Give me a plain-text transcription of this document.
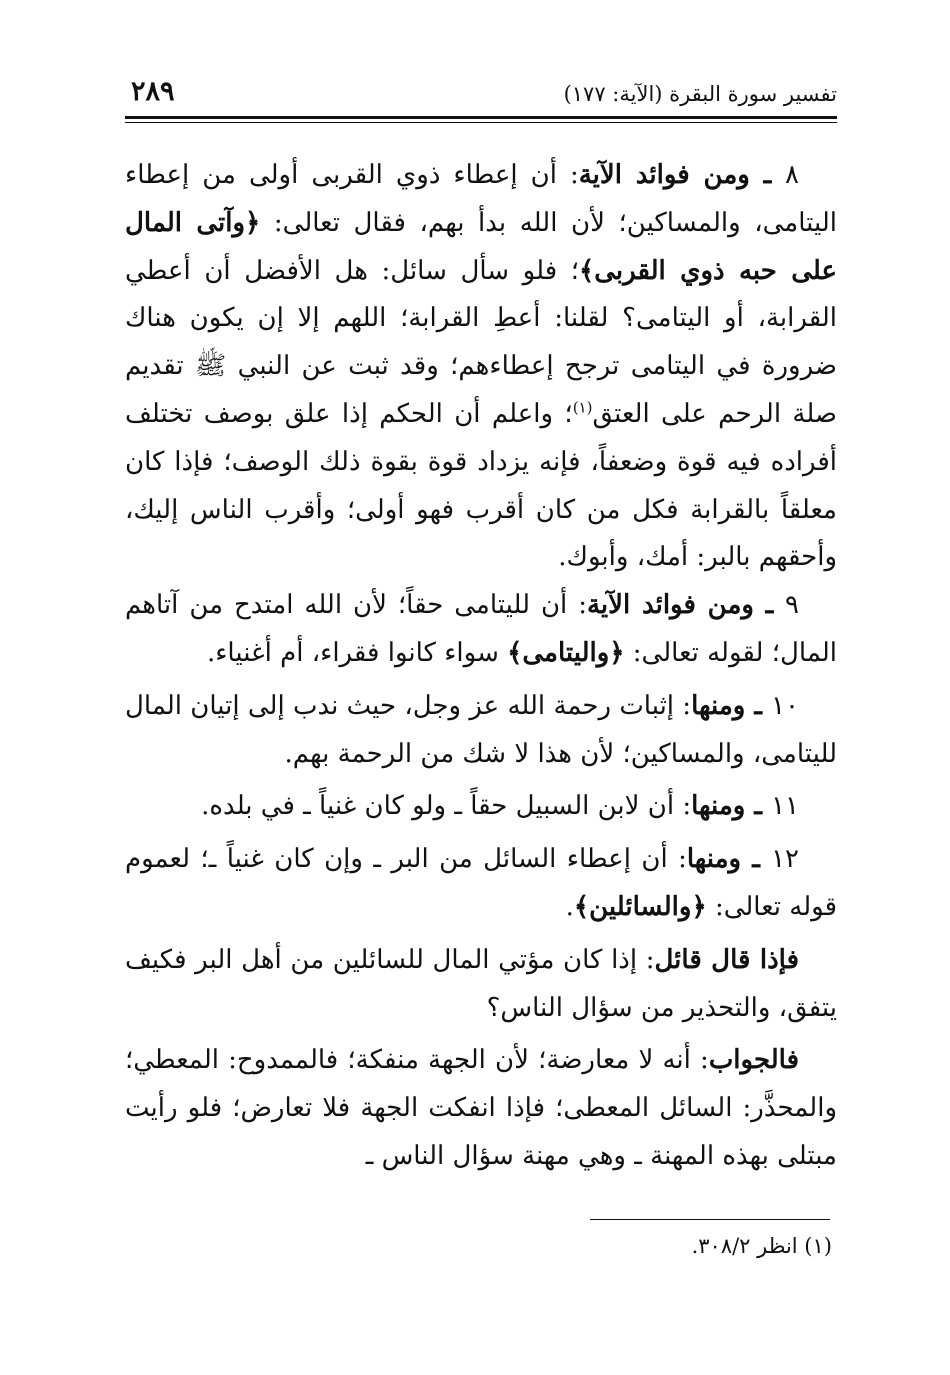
تفسير سورة البقرة (الآية: ١٧٧)
٢٨٩

٨ ـ ومن فوائد الآية: أن إعطاء ذوي القربى أولى من إعطاء اليتامى، والمساكين؛ لأن الله بدأ بهم، فقال تعالى: ﴿وآتى المال على حبه ذوي القربى﴾؛ فلو سأل سائل: هل الأفضل أن أعطي القرابة، أو اليتامى؟ لقلنا: أعطِ القرابة؛ اللهم إلا إن يكون هناك ضرورة في اليتامى ترجح إعطاءهم؛ وقد ثبت عن النبي ﷺ تقديم صلة الرحم على العتق$^{(١)}$؛ واعلم أن الحكم إذا علق بوصف تختلف أفراده فيه قوة وضعفاً، فإنه يزداد قوة بقوة ذلك الوصف؛ فإذا كان معلقاً بالقرابة فكل من كان أقرب فهو أولى؛ وأقرب الناس إليك، وأحقهم بالبر: أمك، وأبوك.

٩ ـ ومن فوائد الآية: أن لليتامى حقاً؛ لأن الله امتدح من آتاهم المال؛ لقوله تعالى: ﴿واليتامى﴾ سواء كانوا فقراء، أم أغنياء.

١٠ ـ ومنها: إثبات رحمة الله عز وجل، حيث ندب إلى إتيان المال لليتامى، والمساكين؛ لأن هذا لا شك من الرحمة بهم.

١١ ـ ومنها: أن لابن السبيل حقاً ـ ولو كان غنياً ـ في بلده.

١٢ ـ ومنها: أن إعطاء السائل من البر ـ وإن كان غنياً ـ؛ لعموم قوله تعالى: ﴿والسائلين﴾.

فإذا قال قائل: إذا كان مؤتي المال للسائلين من أهل البر فكيف يتفق، والتحذير من سؤال الناس؟

فالجواب: أنه لا معارضة؛ لأن الجهة منفكة؛ فالممدوح: المعطي؛ والمحذَّر: السائل المعطى؛ فإذا انفكت الجهة فلا تعارض؛ فلو رأيت مبتلى بهذه المهنة ـ وهي مهنة سؤال الناس ـ

(١) انظر ٣٠٨/٢.
